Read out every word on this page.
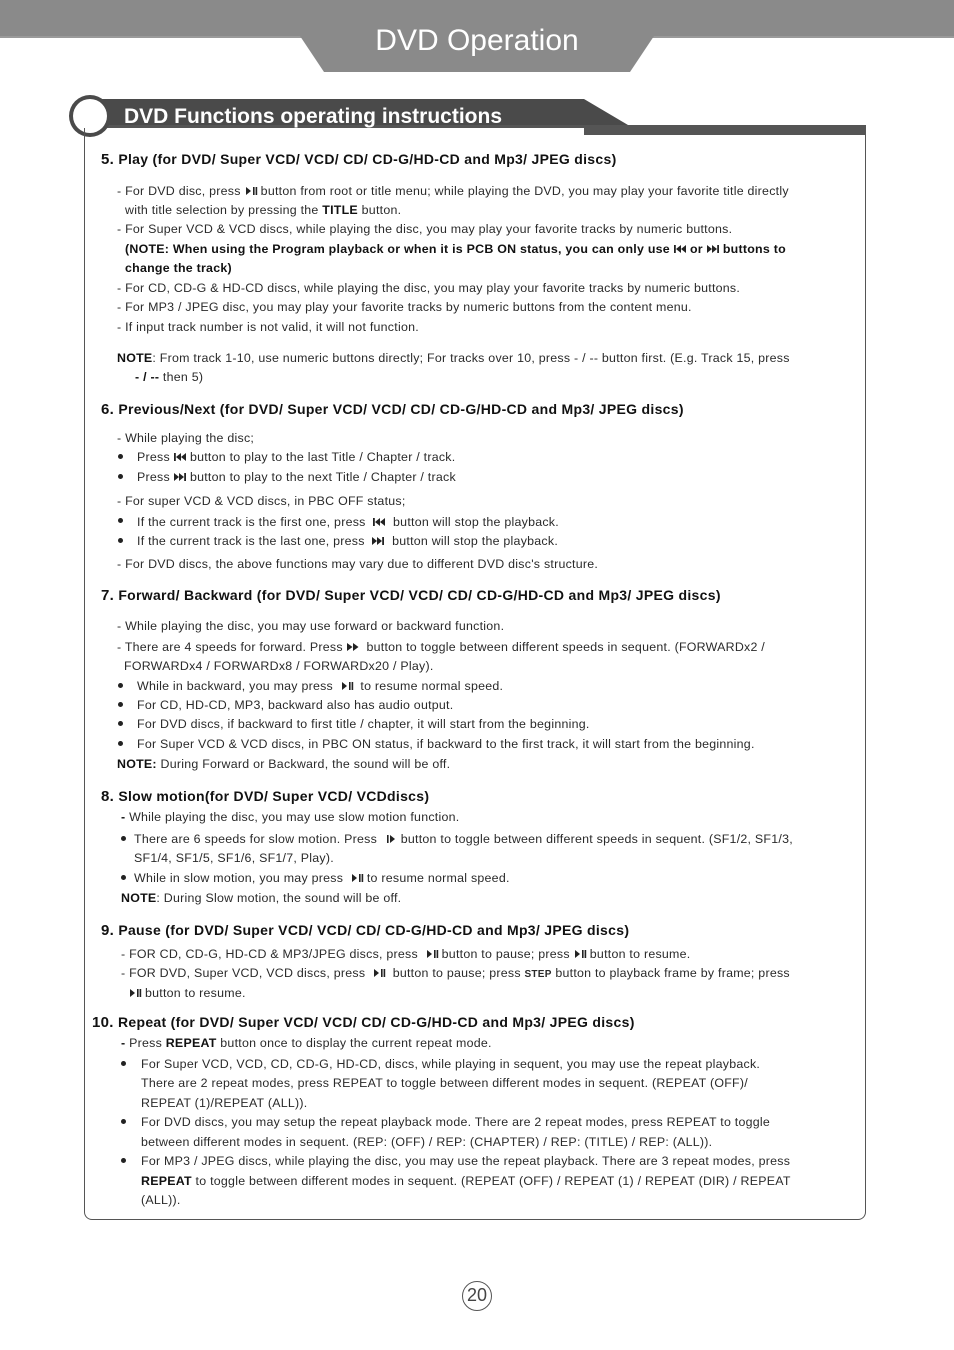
DVD Operation
DVD Functions operating instructions
5. Play (for DVD/ Super VCD/ VCD/ CD/ CD-G/HD-CD and Mp3/ JPEG discs)
- For DVD disc, press button from root or title menu; while playing the DVD, you may play your favorite title directly
with title selection by pressing the TITLE button.
- For Super VCD & VCD discs, while playing the disc, you may play your favorite tracks by numeric buttons.
(NOTE: When using the Program playback or when it is PCB ON status, you can only use or buttons to
change the track)
- For CD, CD-G & HD-CD discs, while playing the disc, you may play your favorite tracks by numeric buttons.
- For MP3 / JPEG disc, you may play your favorite tracks by numeric buttons from the content menu.
- If input track number is not valid, it will not function.
NOTE: From track 1-10, use numeric buttons directly; For tracks over 10, press - / -- button first. (E.g. Track 15, press
- / -- then 5)
6. Previous/Next (for DVD/ Super VCD/ VCD/ CD/ CD-G/HD-CD and Mp3/ JPEG discs)
- While playing the disc;
Press button to play to the last Title / Chapter / track.
Press button to play to the next Title / Chapter / track
- For super VCD & VCD discs, in PBC OFF status;
If the current track is the first one, press button will stop the playback.
If the current track is the last one, press button will stop the playback.
- For DVD discs, the above functions may vary due to different DVD disc's structure.
7. Forward/ Backward (for DVD/ Super VCD/ VCD/ CD/ CD-G/HD-CD and Mp3/ JPEG discs)
- While playing the disc, you may use forward or backward function.
- There are 4 speeds for forward. Press button to toggle between different speeds in sequent. (FORWARDx2 /
FORWARDx4 / FORWARDx8 / FORWARDx20 / Play).
While in backward, you may press to resume normal speed.
For CD, HD-CD, MP3, backward also has audio output.
For DVD discs, if backward to first title / chapter, it will start from the beginning.
For Super VCD & VCD discs, in PBC ON status, if backward to the first track, it will start from the beginning.
NOTE: During Forward or Backward, the sound will be off.
8. Slow motion(for DVD/ Super VCD/ VCDdiscs)
- While playing the disc, you may use slow motion function.
There are 6 speeds for slow motion. Press button to toggle between different speeds in sequent. (SF1/2, SF1/3,
SF1/4, SF1/5, SF1/6, SF1/7, Play).
While in slow motion, you may press to resume normal speed.
NOTE: During Slow motion, the sound will be off.
9. Pause (for DVD/ Super VCD/ VCD/ CD/ CD-G/HD-CD and Mp3/ JPEG discs)
- FOR CD, CD-G, HD-CD & MP3/JPEG discs, press button to pause; press button to resume.
- FOR DVD, Super VCD, VCD discs, press button to pause; press STEP button to playback frame by frame; press
button to resume.
10. Repeat (for DVD/ Super VCD/ VCD/ CD/ CD-G/HD-CD and Mp3/ JPEG discs)
- Press REPEAT button once to display the current repeat mode.
For Super VCD, VCD, CD, CD-G, HD-CD, discs, while playing in sequent, you may use the repeat playback.
There are 2 repeat modes, press REPEAT to toggle between different modes in sequent. (REPEAT (OFF)/
REPEAT (1)/REPEAT (ALL)).
For DVD discs, you may setup the repeat playback mode. There are 2 repeat modes, press REPEAT to toggle
between different modes in sequent. (REP: (OFF) / REP: (CHAPTER) / REP: (TITLE) / REP: (ALL)).
For MP3 / JPEG discs, while playing the disc, you may use the repeat playback. There are 3 repeat modes, press
REPEAT to toggle between different modes in sequent. (REPEAT (OFF) / REPEAT (1) / REPEAT (DIR) / REPEAT
(ALL)).
20
